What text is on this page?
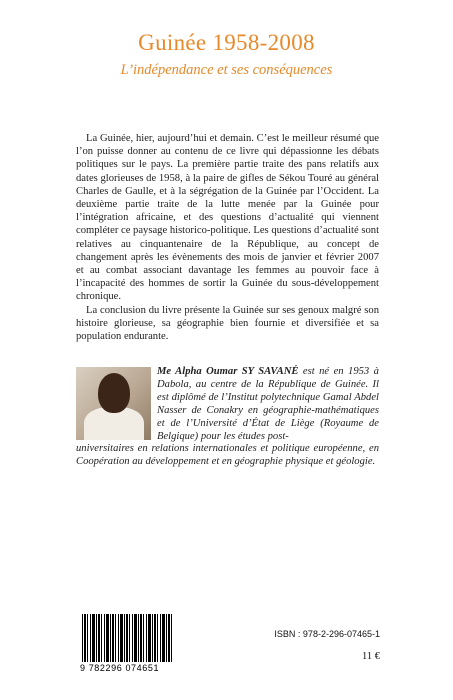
Guinée 1958-2008
L’indépendance et ses conséquences

La Guinée, hier, aujourd’hui et demain. C’est le meilleur résumé que l’on puisse donner au contenu de ce livre qui dépassionne les débats politiques sur le pays. La première partie traite des pans relatifs aux dates glorieuses de 1958, à la paire de gifles de Sékou Touré au général Charles de Gaulle, et à la ségrégation de la Guinée par l’Occident. La deuxième partie traite de la lutte menée par la Guinée pour l’intégration africaine, et des questions d’actualité qui viennent compléter ce paysage historico-politique. Les questions d’actualité sont relatives au cinquantenaire de la République, au concept de changement après les évènements des mois de janvier et février 2007 et au combat associant davantage les femmes au pouvoir face à l’incapacité des hommes de sortir la Guinée du sous-développement chronique.

La conclusion du livre présente la Guinée sur ses genoux malgré son histoire glorieuse, sa géographie bien fournie et diversifiée et sa population endurante.

Me Alpha Oumar SY SAVANÉ est né en 1953 à Dabola, au centre de la République de Guinée. Il est diplômé de l’Institut polytechnique Gamal Abdel Nasser de Conakry en géographie-mathématiques et de l’Université d’État de Liège (Royaume de Belgique) pour les études post-
universitaires en relations internationales et politique européenne, en Coopération au développement et en géographie physique et géologie.
9 782296 074651
ISBN : 978-2-296-07465-1
11 €
